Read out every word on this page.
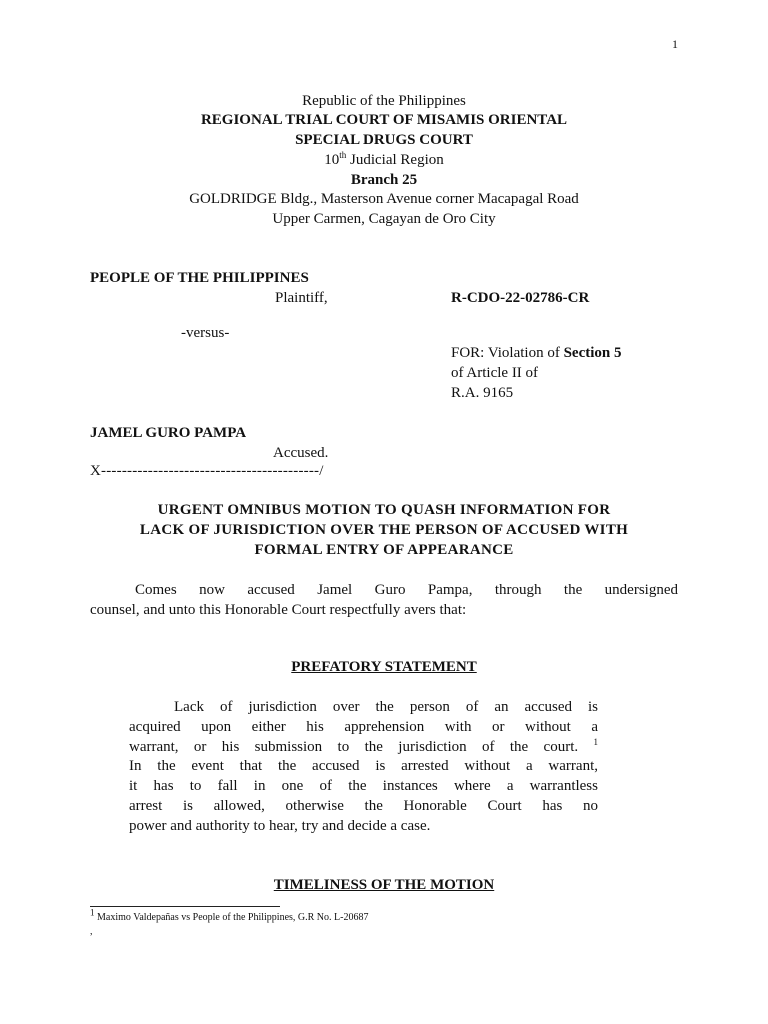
1
Republic of the Philippines
REGIONAL TRIAL COURT OF MISAMIS ORIENTAL
SPECIAL DRUGS COURT
10th Judicial Region
Branch 25
GOLDRIDGE Bldg., Masterson Avenue corner Macapagal Road
Upper Carmen, Cagayan de Oro City
PEOPLE OF THE PHILIPPINES
Plaintiff,	R-CDO-22-02786-CR
-versus-
FOR: Violation of Section 5
of Article II of
R.A. 9165
JAMEL GURO PAMPA
Accused.
X------------------------------------------/
URGENT OMNIBUS MOTION TO QUASH INFORMATION FOR
LACK OF JURISDICTION OVER THE PERSON OF ACCUSED WITH
FORMAL ENTRY OF APPEARANCE
Comes now accused Jamel Guro Pampa, through the undersigned
counsel, and unto this Honorable Court respectfully avers that:
PREFATORY STATEMENT
Lack of jurisdiction over the person of an accused is
acquired upon either his apprehension with or without a
warrant, or his submission to the jurisdiction of the court. $^1$
In the event that the accused is arrested without a warrant,
it has to fall in one of the instances where a warrantless
arrest is allowed, otherwise the Honorable Court has no
power and authority to hear, try and decide a case.
TIMELINESS OF THE MOTION
$^1$ Maximo Valdepañas vs People of the Philippines, G.R No. L-20687
,
